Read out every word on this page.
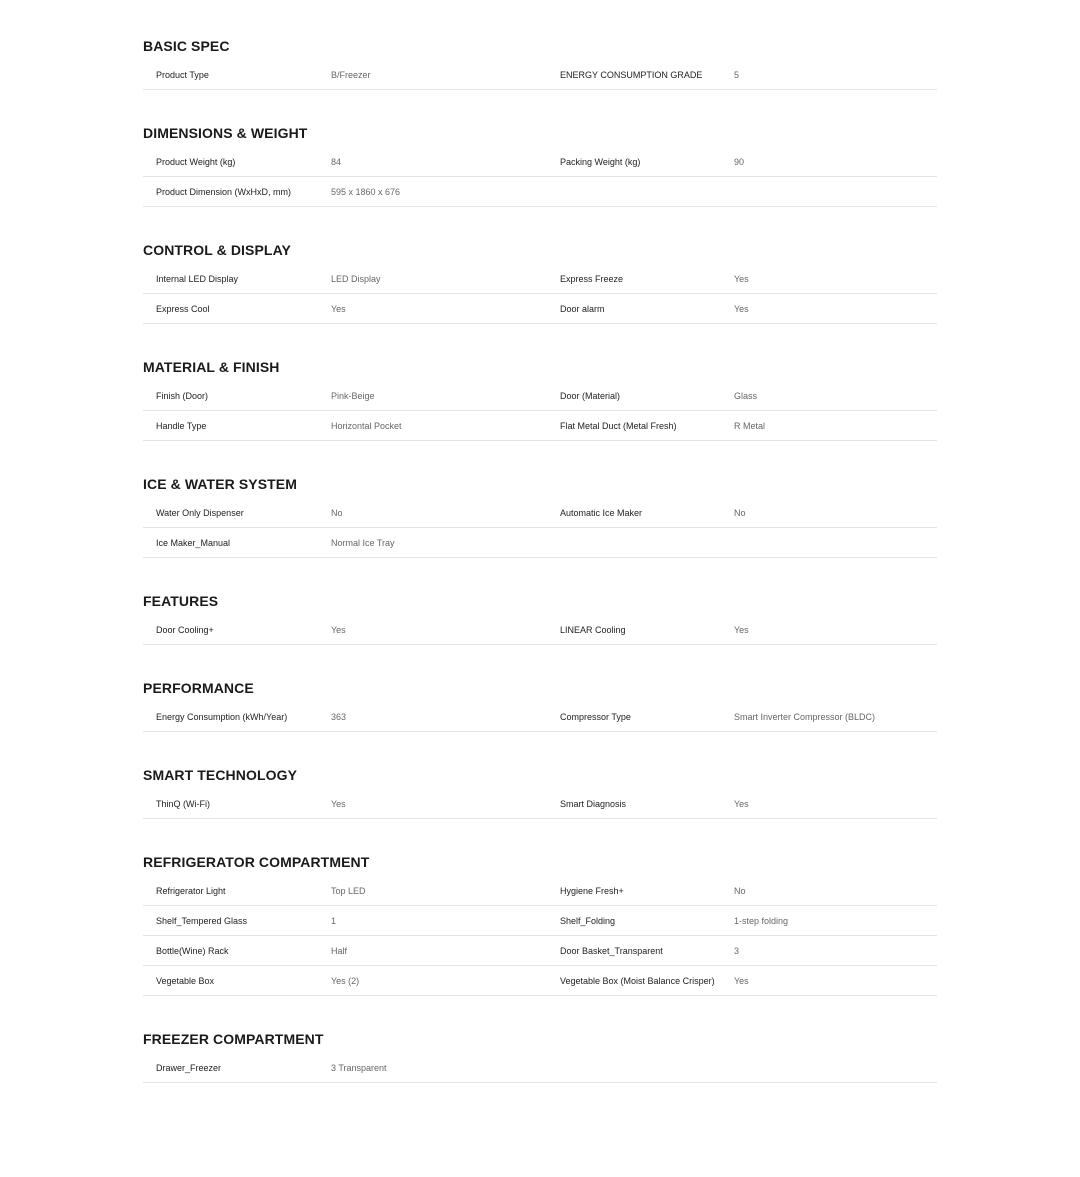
BASIC SPEC
Product Type	B/Freezer	ENERGY CONSUMPTION GRADE	5
DIMENSIONS & WEIGHT
Product Weight (kg)	84	Packing Weight (kg)	90
Product Dimension (WxHxD, mm)	595 x 1860 x 676
CONTROL & DISPLAY
Internal LED Display	LED Display	Express Freeze	Yes
Express Cool	Yes	Door alarm	Yes
MATERIAL & FINISH
Finish (Door)	Pink-Beige	Door (Material)	Glass
Handle Type	Horizontal Pocket	Flat Metal Duct (Metal Fresh)	R Metal
ICE & WATER SYSTEM
Water Only Dispenser	No	Automatic Ice Maker	No
Ice Maker_Manual	Normal Ice Tray
FEATURES
Door Cooling+	Yes	LINEAR Cooling	Yes
PERFORMANCE
Energy Consumption (kWh/Year)	363	Compressor Type	Smart Inverter Compressor (BLDC)
SMART TECHNOLOGY
ThinQ (Wi-Fi)	Yes	Smart Diagnosis	Yes
REFRIGERATOR COMPARTMENT
Refrigerator Light	Top LED	Hygiene Fresh+	No
Shelf_Tempered Glass	1	Shelf_Folding	1-step folding
Bottle(Wine) Rack	Half	Door Basket_Transparent	3
Vegetable Box	Yes (2)	Vegetable Box (Moist Balance Crisper)	Yes
FREEZER COMPARTMENT
Drawer_Freezer	3 Transparent
